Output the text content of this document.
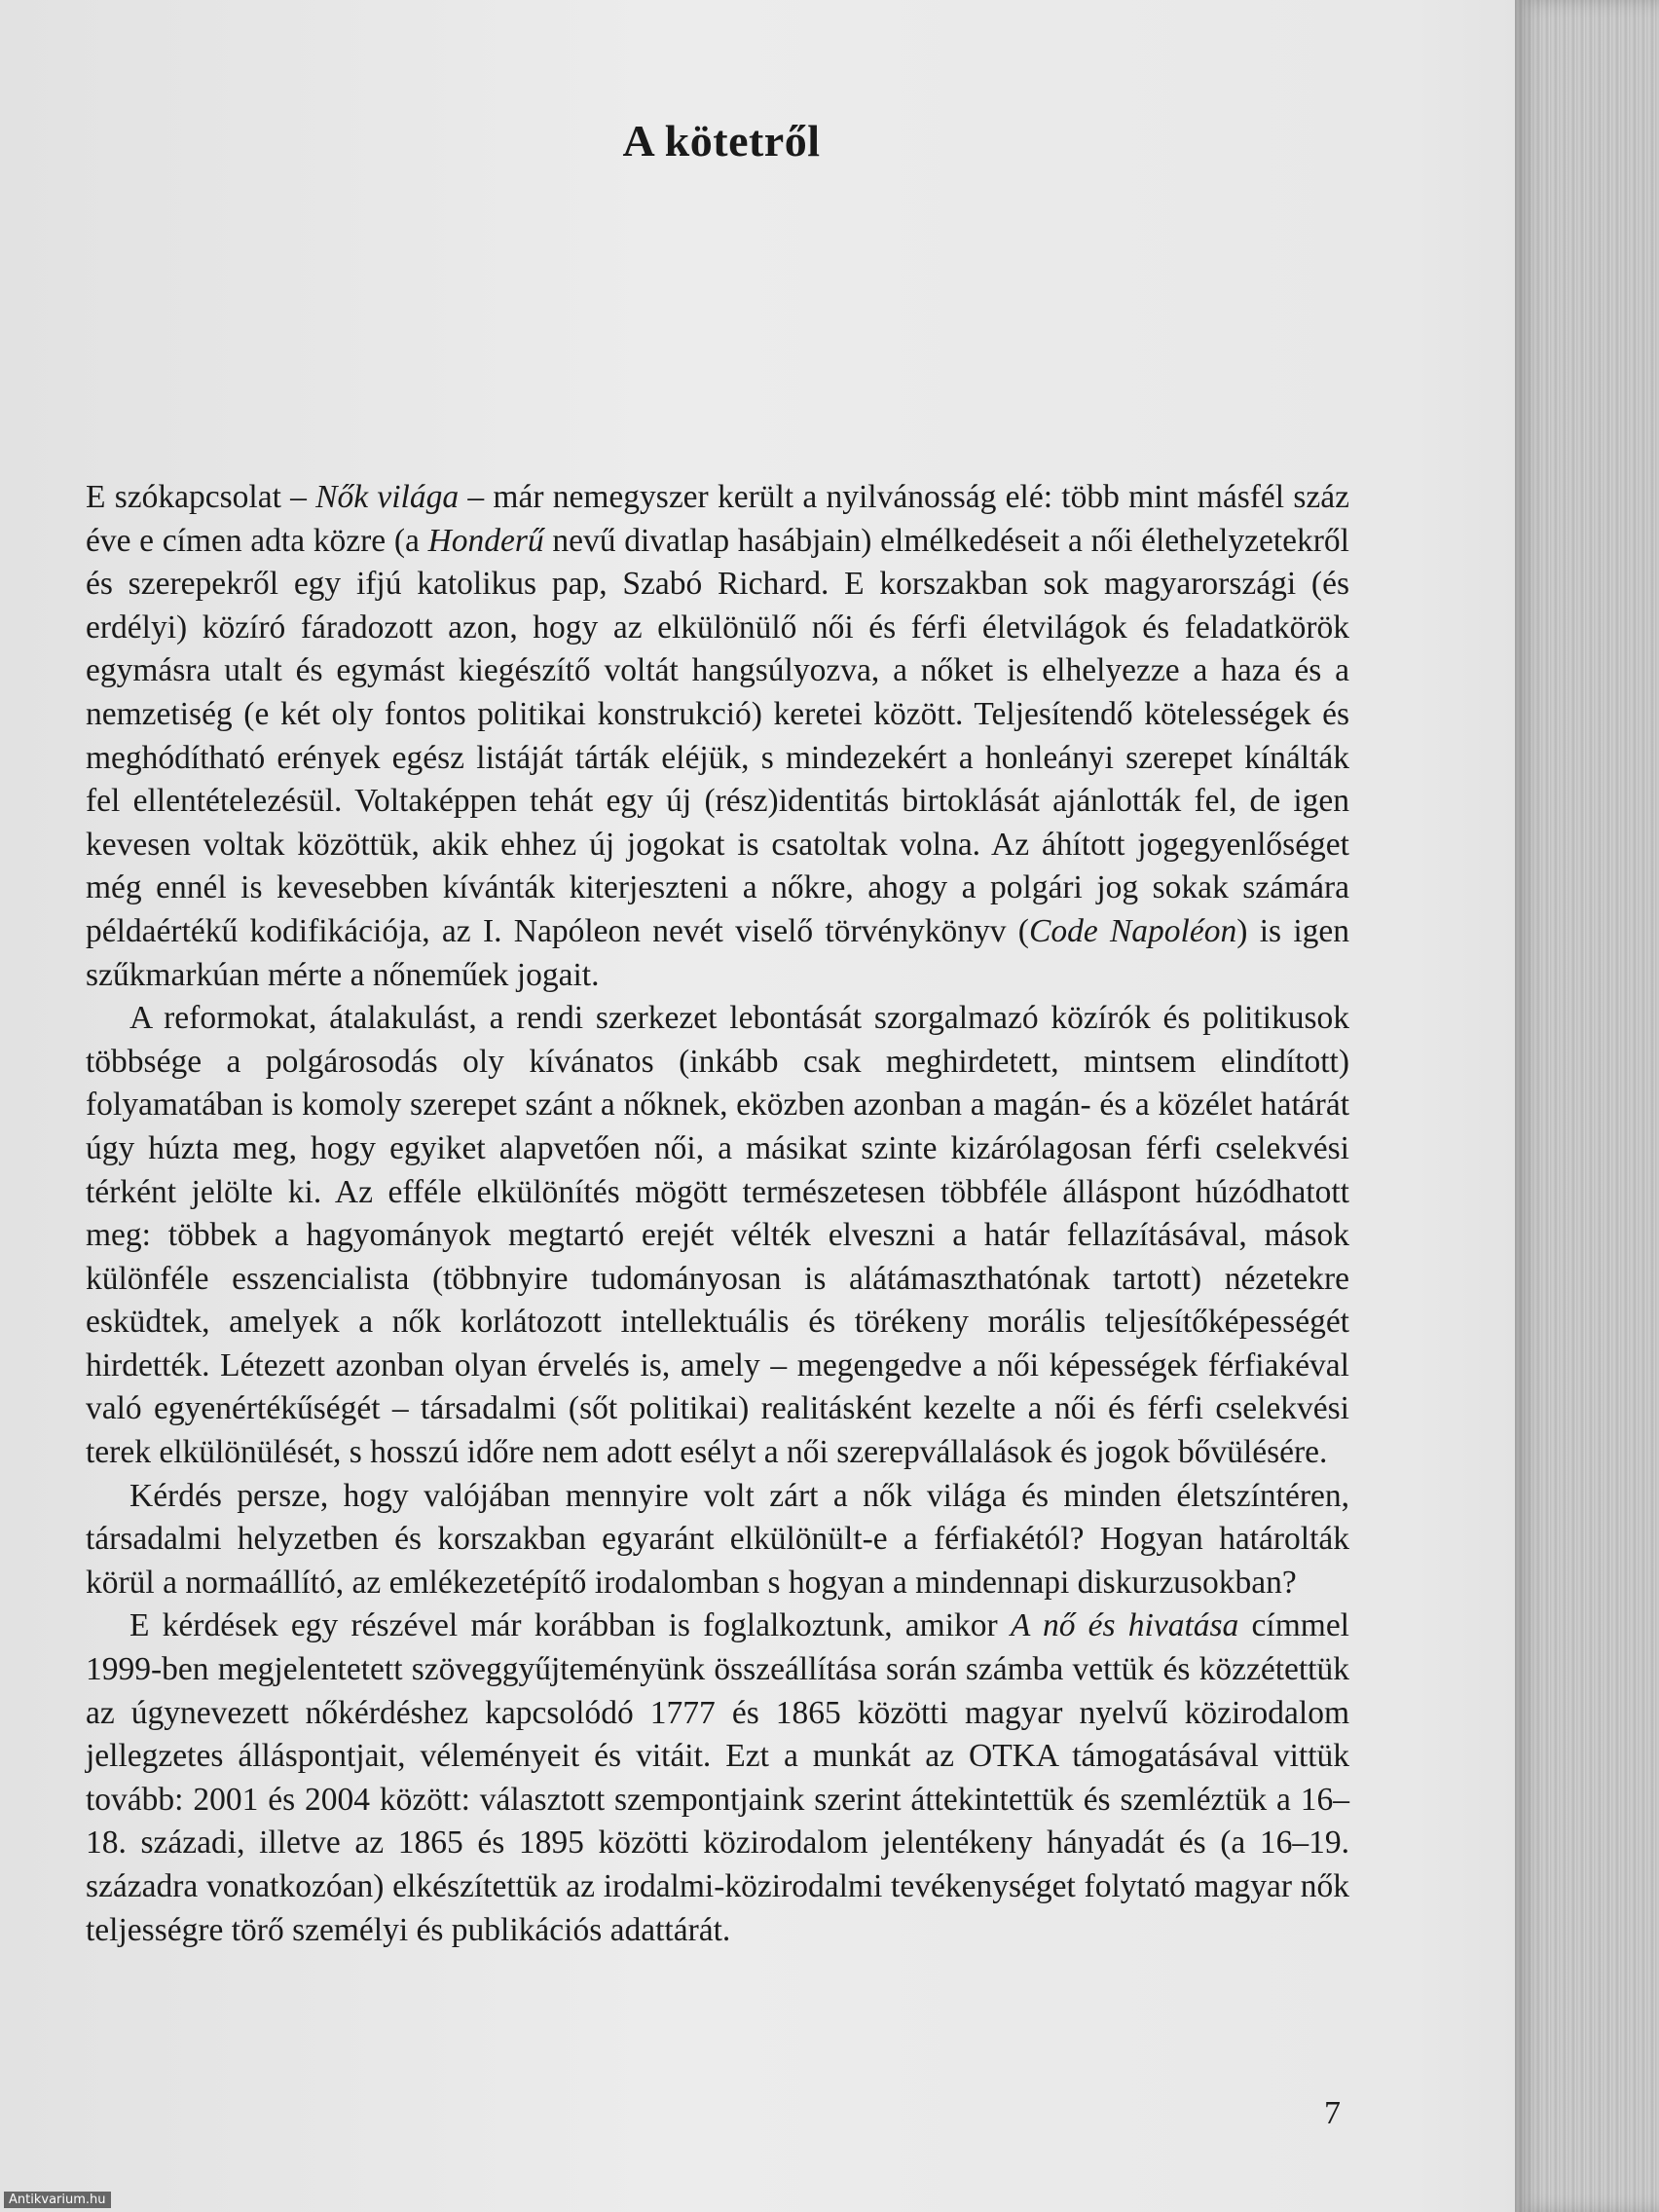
A kötetről

E szókapcsolat – Nők világa – már nemegyszer került a nyilvánosság elé: több mint másfél száz éve e címen adta közre (a Honderű nevű divatlap hasábjain) elmélkedéseit a női élethelyzetekről és szerepekről egy ifjú katolikus pap, Szabó Richard. E korszakban sok magyarországi (és erdélyi) közíró fáradozott azon, hogy az elkülönülő női és férfi életvilágok és feladatkörök egymásra utalt és egymást kiegészítő voltát hangsúlyozva, a nőket is elhelyezze a haza és a nemzetiség (e két oly fontos politikai konstrukció) keretei között. Teljesítendő kötelességek és meghódítható erények egész listáját tárták eléjük, s mindezekért a honleányi szerepet kínálták fel ellentételezésül. Voltaképpen tehát egy új (rész)identitás birtoklását ajánlották fel, de igen kevesen voltak közöttük, akik ehhez új jogokat is csatoltak volna. Az áhított jogegyenlőséget még ennél is kevesebben kívánták kiterjeszteni a nőkre, ahogy a polgári jog sokak számára példaértékű kodifikációja, az I. Napóleon nevét viselő törvénykönyv (Code Napoléon) is igen szűkmarkúan mérte a nőneműek jogait.

A reformokat, átalakulást, a rendi szerkezet lebontását szorgalmazó közírók és politikusok többsége a polgárosodás oly kívánatos (inkább csak meghirdetett, mintsem elindított) folyamatában is komoly szerepet szánt a nőknek, eközben azonban a magán- és a közélet határát úgy húzta meg, hogy egyiket alapvetően női, a másikat szinte kizárólagosan férfi cselekvési térként jelölte ki. Az efféle elkülönítés mögött természetesen többféle álláspont húzódhatott meg: többek a hagyományok megtartó erejét vélték elveszni a határ fellazításával, mások különféle esszencialista (többnyire tudományosan is alátámaszthatónak tartott) nézetekre esküdtek, amelyek a nők korlátozott intellektuális és törékeny morális teljesítőképességét hirdették. Létezett azonban olyan érvelés is, amely – megengedve a női képességek férfiakéval való egyenértékűségét – társadalmi (sőt politikai) realitásként kezelte a női és férfi cselekvési terek elkülönülését, s hosszú időre nem adott esélyt a női szerepvállalások és jogok bővülésére.

Kérdés persze, hogy valójában mennyire volt zárt a nők világa és minden életszíntéren, társadalmi helyzetben és korszakban egyaránt elkülönült-e a férfiakétól? Hogyan határolták körül a normaállító, az emlékezetépítő irodalomban s hogyan a mindennapi diskurzusokban?

E kérdések egy részével már korábban is foglalkoztunk, amikor A nő és hivatása címmel 1999-ben megjelentetett szöveggyűjteményünk összeállítása során számba vettük és közzétettük az úgynevezett nőkérdéshez kapcsolódó 1777 és 1865 közötti magyar nyelvű közirodalom jellegzetes álláspontjait, véleményeit és vitáit. Ezt a munkát az OTKA támogatásával vittük tovább: 2001 és 2004 között: választott szempontjaink szerint áttekintettük és szemléztük a 16–18. századi, illetve az 1865 és 1895 közötti közirodalom jelentékeny hányadát és (a 16–19. századra vonatkozóan) elkészítettük az irodalmi-közirodalmi tevékenységet folytató magyar nők teljességre törő személyi és publikációs adattárát.

7
Antikvarium.hu
